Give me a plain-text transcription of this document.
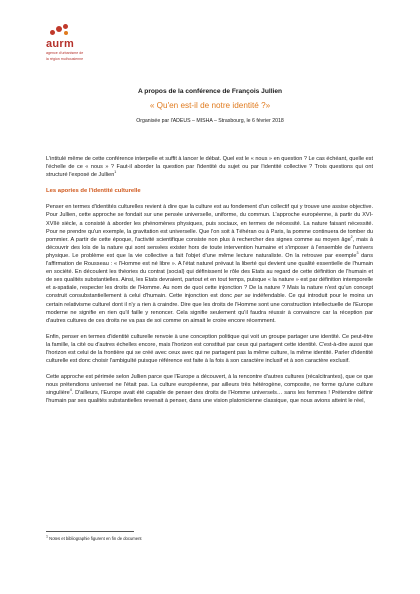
aurm
agence d'urbanisme de
la région mulhousienne
A propos de la conférence de François Jullien
« Qu'en est-il de notre identité ?»
Organisée par l'ADEUS – MISHA – Strasbourg, le 6 février 2018

L'intitulé même de cette conférence interpelle et suffit à lancer le débat. Quel est le « nous » en question ? Le cas échéant, quelle est l'échelle de ce « nous » ? Faut-il aborder la question par l'identité du sujet ou par l'identité collective ? Trois questions qui ont structuré l'exposé de Jullien$^1$

Les apories de l'identité culturelle

Penser en termes d'identités culturelles revient à dire que la culture est au fondement d'un collectif qui y trouve une assise objective. Pour Jullien, cette approche se fondait sur une pensée universelle, uniforme, du commun. L'approche européenne, à partir du XVI-XVIIè siècle, a consisté à aborder les phénomènes physiques, puis sociaux, en termes de nécessité. La nature faisant nécessité. Pour ne prendre qu'un exemple, la gravitation est universelle. Que l'on soit à Téhéran ou à Paris, la pomme continuera de tomber du pommier. A partir de cette époque, l'activité scientifique consiste non plus à rechercher des signes comme au moyen âge$^2$, mais à découvrir des lois de la nature qui sont sensées exister hors de toute intervention humaine et s'imposer à l'ensemble de l'univers physique. Le problème est que la vie collective a fait l'objet d'une même lecture naturaliste. On la retrouve par exemple$^3$ dans l'affirmation de Rousseau : « l'Homme est né libre ». A l'état naturel prévaut la liberté qui devient une qualité essentielle de l'humain en société. En découlent les théories du contrat (social) qui définissent le rôle des Etats au regard de cette définition de l'humain et de ses qualités substantielles. Ainsi, les Etats devraient, partout et en tout temps, puisque « la nature » est par définition intemporelle et a-spatiale, respecter les droits de l'Homme. Au nom de quoi cette injonction ? De la nature ? Mais la nature n'est qu'un concept construit consubstantiellement à celui d'humain. Cette injonction est donc per se indéfendable. Ce qui introduit pour le moins un certain relativisme culturel dont il n'y a rien à craindre. Dire que les droits de l'Homme sont une construction intellectuelle de l'Europe moderne ne signifie en rien qu'il faille y renoncer. Cela signifie seulement qu'il faudra réussir à convaincre car la réception par d'autres cultures de ces droits ne va pas de soi comme on aimait le croire encore récemment.

Enfin, penser en termes d'identité culturelle renvoie à une conception politique qui voit un groupe partager une identité. Ce peut-être la famille, la cité ou d'autres échelles encore, mais l'horizon est constitué par ceux qui partagent cette identité. C'est-à-dire aussi que l'horizon est celui de la frontière qui se créé avec ceux avec qui ne partagent pas la même culture, la même identité. Parler d'identité culturelle est donc choisir l'ambiguïté puisque référence est faite à la fois à son caractère inclusif et à son caractère exclusif.

Cette approche est périmée selon Jullien parce que l'Europe a découvert, à la rencontre d'autres cultures (récalcitrantes), que ce que nous prétendions universel ne l'était pas. La culture européenne, par ailleurs très hétérogène, composite, ne forme qu'une culture singulière$^4$. D'ailleurs, l'Europe avait été capable de penser des droits de l'Homme universels… sans les femmes ! Prétendre définir l'humain par ses qualités substantielles revenait à penser, dans une vision platonicienne classique, que nous avions atteint le réel,

$^1$ Notes et bibliographie figurent en fin de document
